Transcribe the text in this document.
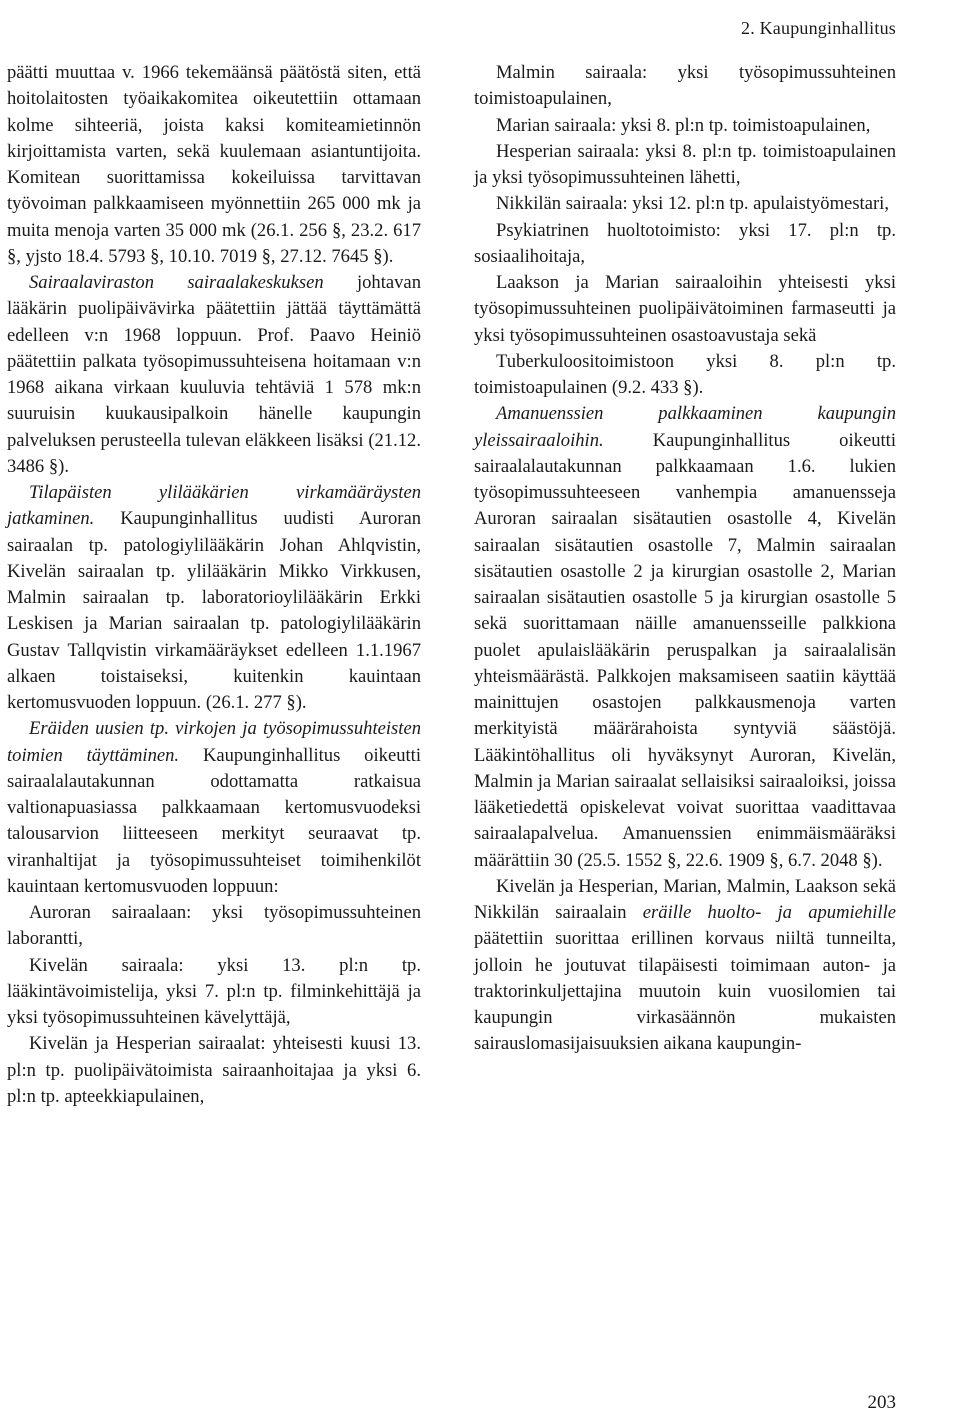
2. Kaupunginhallitus

päätti muuttaa v. 1966 tekemäänsä päätöstä siten, että hoitolaitosten työaikakomitea oikeutettiin ottamaan kolme sihteeriä, joista kaksi komiteamietinnön kirjoittamista varten, sekä kuulemaan asiantuntijoita. Komitean suorittamissa kokeiluissa tarvittavan työvoiman palkkaamiseen myönnettiin 265 000 mk ja muita menoja varten 35 000 mk (26.1. 256 §, 23.2. 617 §, yjsto 18.4. 5793 §, 10.10. 7019 §, 27.12. 7645 §).

Sairaalaviraston sairaalakeskuksen johtavan lääkärin puolipäivävirka päätettiin jättää täyttämättä edelleen v:n 1968 loppuun. Prof. Paavo Heiniö päätettiin palkata työsopimussuhteisena hoitamaan v:n 1968 aikana virkaan kuuluvia tehtäviä 1 578 mk:n suuruisin kuukausipalkoin hänelle kaupungin palveluksen perusteella tulevan eläkkeen lisäksi (21.12. 3486 §).

Tilapäisten ylilääkärien virkamääräysten jatkaminen. Kaupunginhallitus uudisti Auroran sairaalan tp. patologiylilääkärin Johan Ahlqvistin, Kivelän sairaalan tp. ylilääkärin Mikko Virkkusen, Malmin sairaalan tp. laboratorioylilääkärin Erkki Leskisen ja Marian sairaalan tp. patologiylilääkärin Gustav Tallqvistin virkamääräykset edelleen 1.1.1967 alkaen toistaiseksi, kuitenkin kauintaan kertomusvuoden loppuun. (26.1. 277 §).

Eräiden uusien tp. virkojen ja työsopimussuhteisten toimien täyttäminen. Kaupunginhallitus oikeutti sairaalalautakunnan odottamatta ratkaisua valtionapuasiassa palkkaamaan kertomusvuodeksi talousarvion liitteeseen merkityt seuraavat tp. viranhaltijat ja työsopimussuhteiset toimihenkilöt kauintaan kertomusvuoden loppuun:

Auroran sairaalaan: yksi työsopimussuhteinen laborantti,

Kivelän sairaala: yksi 13. pl:n tp. lääkintävoimistelija, yksi 7. pl:n tp. filminkehittäjä ja yksi työsopimussuhteinen kävelyttäjä,

Kivelän ja Hesperian sairaalat: yhteisesti kuusi 13. pl:n tp. puolipäivätoimista sairaanhoitajaa ja yksi 6. pl:n tp. apteekkiapulainen,

Malmin sairaala: yksi työsopimussuhteinen toimistoapulainen,

Marian sairaala: yksi 8. pl:n tp. toimistoapulainen,

Hesperian sairaala: yksi 8. pl:n tp. toimistoapulainen ja yksi työsopimussuhteinen lähetti,

Nikkilän sairaala: yksi 12. pl:n tp. apulaistyömestari,

Psykiatrinen huoltotoimisto: yksi 17. pl:n tp. sosiaalihoitaja,

Laakson ja Marian sairaaloihin yhteisesti yksi työsopimussuhteinen puolipäivätoiminen farmaseutti ja yksi työsopimussuhteinen osastoavustaja sekä

Tuberkuloositoimistoon yksi 8. pl:n tp. toimistoapulainen (9.2. 433 §).

Amanuenssien palkkaaminen kaupungin yleissairaaloihin. Kaupunginhallitus oikeutti sairaalalautakunnan palkkaamaan 1.6. lukien työsopimussuhteeseen vanhempia amanuensseja Auroran sairaalan sisätautien osastolle 4, Kivelän sairaalan sisätautien osastolle 7, Malmin sairaalan sisätautien osastolle 2 ja kirurgian osastolle 2, Marian sairaalan sisätautien osastolle 5 ja kirurgian osastolle 5 sekä suorittamaan näille amanuensseille palkkiona puolet apulaislääkärin peruspalkan ja sairaalalisän yhteismäärästä. Palkkojen maksamiseen saatiin käyttää mainittujen osastojen palkkausmenoja varten merkityistä määrärahoista syntyviä säästöjä. Lääkintöhallitus oli hyväksynyt Auroran, Kivelän, Malmin ja Marian sairaalat sellaisiksi sairaaloiksi, joissa lääketiedettä opiskelevat voivat suorittaa vaadittavaa sairaalapalvelua. Amanuenssien enimmäismääräksi määrättiin 30 (25.5. 1552 §, 22.6. 1909 §, 6.7. 2048 §).

Kivelän ja Hesperian, Marian, Malmin, Laakson sekä Nikkilän sairaalain eräille huolto- ja apumiehille päätettiin suorittaa erillinen korvaus niiltä tunneilta, jolloin he joutuvat tilapäisesti toimimaan auton- ja traktorinkuljettajina muutoin kuin vuosilomien tai kaupungin virkasäännön mukaisten sairauslomasijaisuuksien aikana kaupungin-

203
